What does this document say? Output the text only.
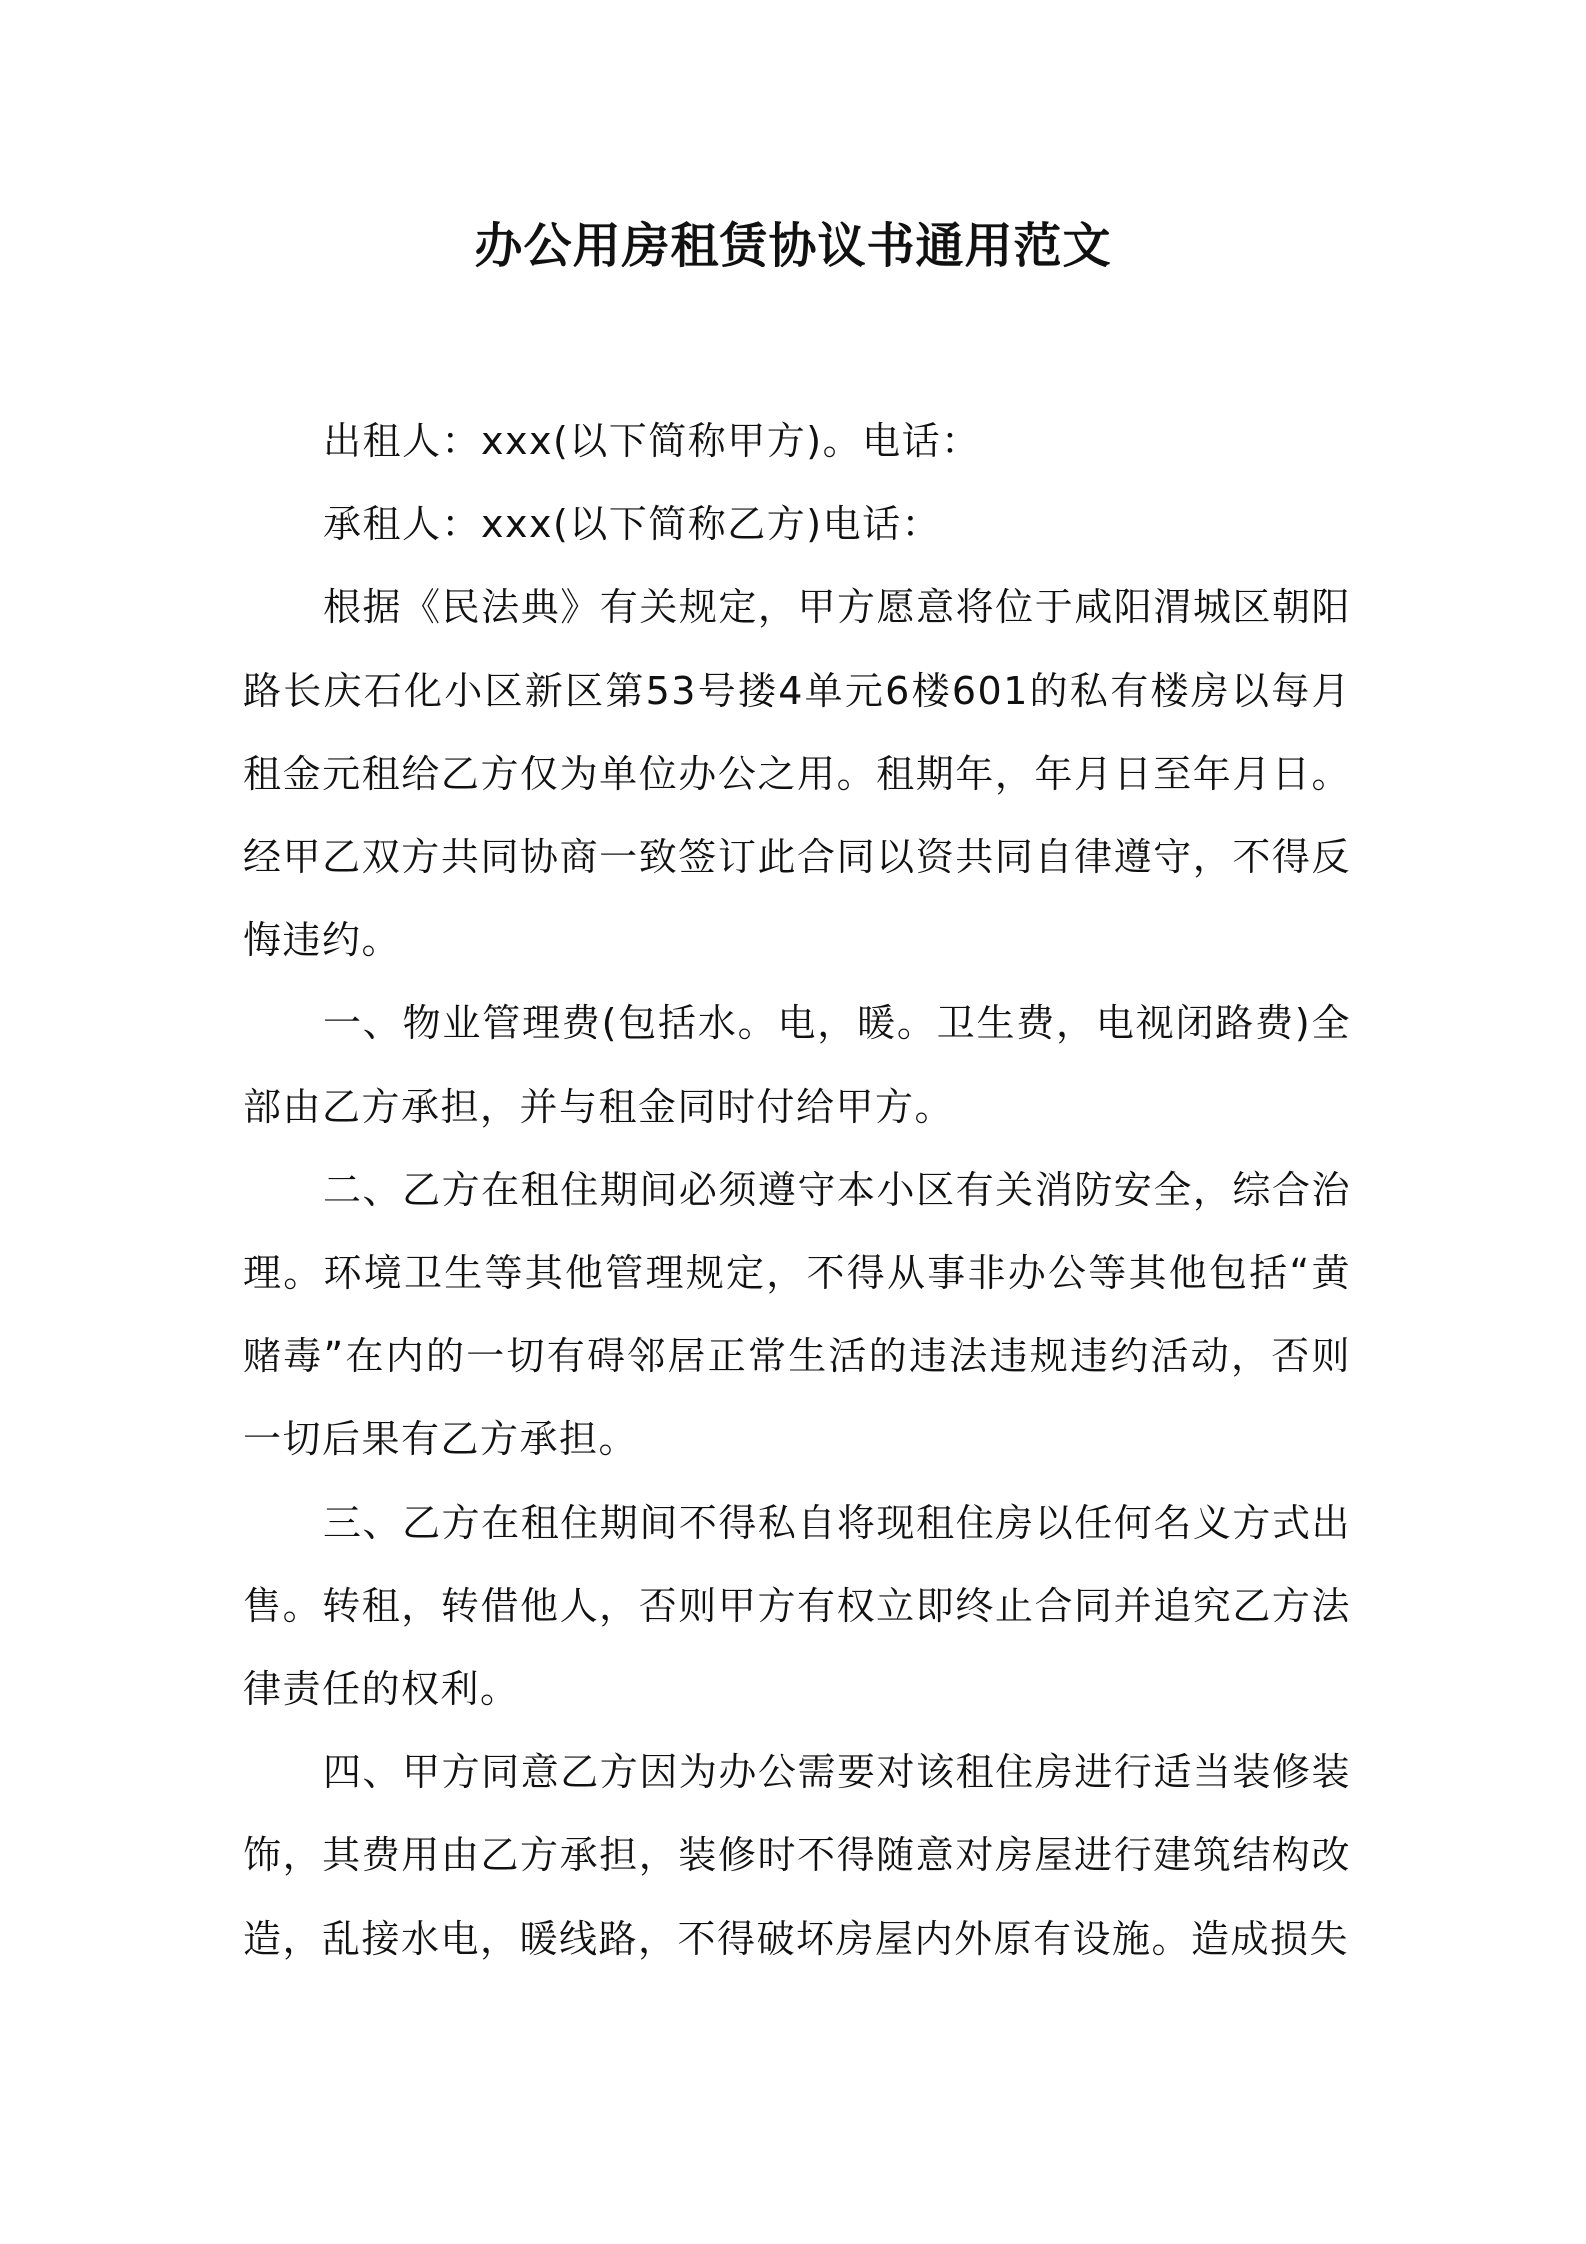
办公用房租赁协议书通用范文

出租人：xxx(以下简称甲方)。电话：

承租人：xxx(以下简称乙方)电话：

根据《民法典》有关规定，甲方愿意将位于咸阳渭城区朝阳路长庆石化小区新区第53号搂4单元6楼601的私有楼房以每月租金元租给乙方仅为单位办公之用。租期年，年月日至年月日。经甲乙双方共同协商一致签订此合同以资共同自律遵守，不得反悔违约。

一、物业管理费(包括水。电，暖。卫生费，电视闭路费)全部由乙方承担，并与租金同时付给甲方。

二、乙方在租住期间必须遵守本小区有关消防安全，综合治理。环境卫生等其他管理规定，不得从事非办公等其他包括“黄赌毒”在内的一切有碍邻居正常生活的违法违规违约活动，否则一切后果有乙方承担。

三、乙方在租住期间不得私自将现租住房以任何名义方式出售。转租，转借他人，否则甲方有权立即终止合同并追究乙方法律责任的权利。

四、甲方同意乙方因为办公需要对该租住房进行适当装修装饰，其费用由乙方承担，装修时不得随意对房屋进行建筑结构改造，乱接水电，暖线路，不得破坏房屋内外原有设施。造成损失
